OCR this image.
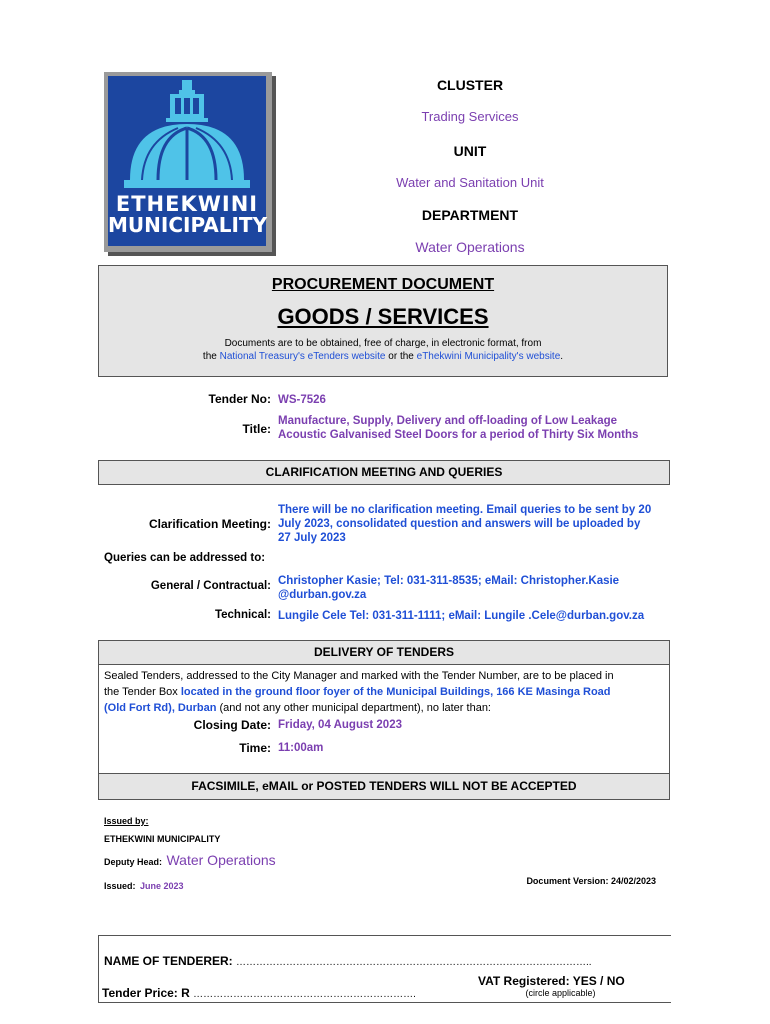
ETHEKWINI
MUNICIPALITY
CLUSTER
Trading Services
UNIT
Water and Sanitation Unit
DEPARTMENT
Water Operations
PROCUREMENT DOCUMENT
GOODS / SERVICES
Documents are to be obtained, free of charge, in electronic format, from
the National Treasury's eTenders website or the eThekwini Municipality's website.
Tender No: WS-7526
Title:
Manufacture, Supply, Delivery and off-loading of Low Leakage
Acoustic Galvanised Steel Doors for a period of Thirty Six Months
CLARIFICATION MEETING AND QUERIES
Clarification Meeting:
There will be no clarification meeting. Email queries to be sent by 20
July 2023, consolidated question and answers will be uploaded by
27 July 2023
Queries can be addressed to:
General / Contractual: Christopher Kasie; Tel: 031-311-8535; eMail: Christopher.Kasie
@durban.gov.za
Technical: Lungile Cele Tel: 031-311-1111; eMail: Lungile .Cele@durban.gov.za
DELIVERY OF TENDERS
Sealed Tenders, addressed to the City Manager and marked with the Tender Number, are to be placed in
the Tender Box located in the ground floor foyer of the Municipal Buildings, 166 KE Masinga Road
(Old Fort Rd), Durban (and not any other municipal department), no later than:
Closing Date: Friday, 04 August 2023
Time: 11:00am
FACSIMILE, eMAIL or POSTED TENDERS WILL NOT BE ACCEPTED
Issued by:
ETHEKWINI MUNICIPALITY
Deputy Head: Water Operations
Issued: June 2023	Document Version: 24/02/2023
NAME OF TENDERER: ……………………………………………………………………………………………..
VAT Registered: YES / NO
(circle applicable)
Tender Price: R ………………………………………………………….
